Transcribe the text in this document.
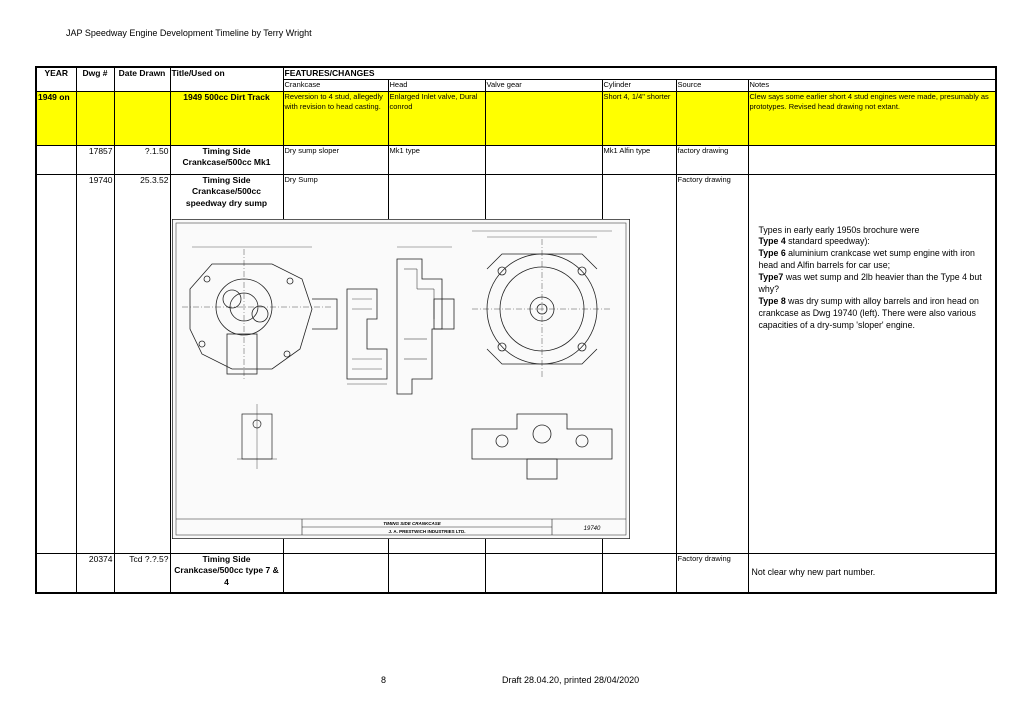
JAP Speedway Engine Development Timeline by Terry Wright
YEAR	Dwg #	Date Drawn	Title/Used on	FEATURES/CHANGES					
				Crankcase	Head	Valve gear	Cylinder	Source	Notes
1949 on			1949 500cc Dirt Track	Reversion to 4 stud, allegedly with revision to head casting.	Enlarged Inlet valve, Dural conrod		Short 4, 1/4" shorter		Clew says some earlier short 4 stud engines were made, presumably as prototypes. Revised head drawing not extant.
	17857	?.1.50	Timing Side Crankcase/500cc Mk1	Dry sump sloper	Mk1 type		Mk1 Alfin type	factory drawing	
	19740	25.3.52	Timing Side Crankcase/500cc speedway dry sump	Dry Sump				Factory drawing	Types in early early 1950s brochure were
Type 4 standard speedway):
Type 6 aluminium crankcase wet sump engine with iron head and Alfin barrels for car use;
Type7 was wet sump and 2lb heavier than the Type 4 but why?
Type 8 was dry sump with alloy barrels and iron head on crankcase as Dwg 19740 (left). There were also various capacities of a dry-sump 'sloper' engine.

	20374	Tcd ?.?.5?	Timing Side Crankcase/500cc type 7 & 4					Factory drawing	Not clear why new part number.
TIMING SIDE CRANKCASE
J. A. PRESTWICH INDUSTRIES LTD.	19740
8	Draft 28.04.20, printed 28/04/2020
